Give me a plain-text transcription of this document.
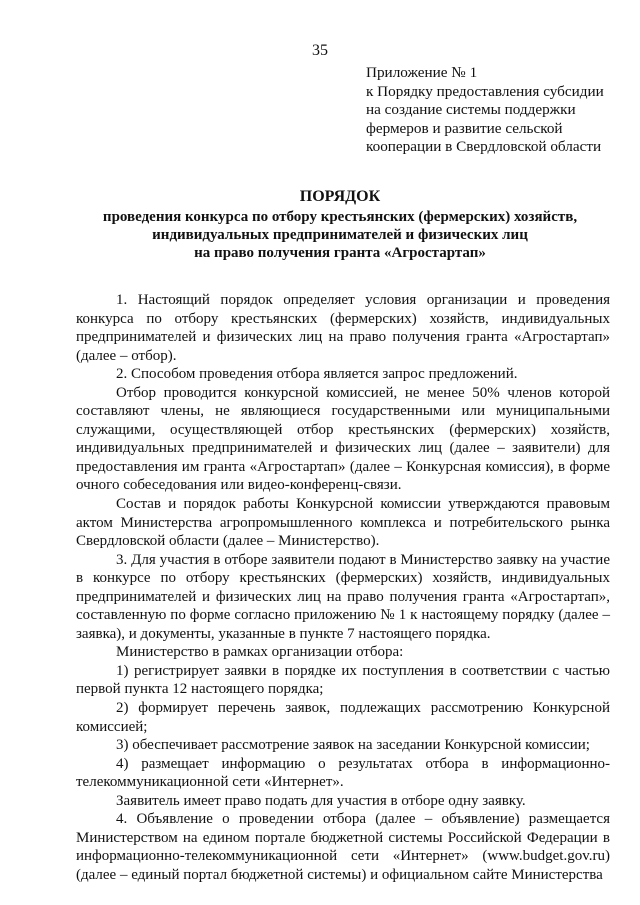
35
Приложение № 1
к Порядку предоставления субсидии
на создание системы поддержки
фермеров и развитие сельской
кооперации в Свердловской области
ПОРЯДОК
проведения конкурса по отбору крестьянских (фермерских) хозяйств,
индивидуальных предпринимателей и физических лиц
на право получения гранта «Агростартап»

1. Настоящий порядок определяет условия организации и проведения конкурса по отбору крестьянских (фермерских) хозяйств, индивидуальных предпринимателей и физических лиц на право получения гранта «Агростартап» (далее – отбор).

2. Способом проведения отбора является запрос предложений.

Отбор проводится конкурсной комиссией, не менее 50% членов которой составляют члены, не являющиеся государственными или муниципальными служащими, осуществляющей отбор крестьянских (фермерских) хозяйств, индивидуальных предпринимателей и физических лиц (далее – заявители) для предоставления им гранта «Агростартап» (далее – Конкурсная комиссия), в форме очного собеседования или видео-конференц-связи.

Состав и порядок работы Конкурсной комиссии утверждаются правовым актом Министерства агропромышленного комплекса и потребительского рынка Свердловской области (далее – Министерство).

3. Для участия в отборе заявители подают в Министерство заявку на участие в конкурсе по отбору крестьянских (фермерских) хозяйств, индивидуальных предпринимателей и физических лиц на право получения гранта «Агростартап», составленную по форме согласно приложению № 1 к настоящему порядку (далее – заявка), и документы, указанные в пункте 7 настоящего порядка.

Министерство в рамках организации отбора:

1) регистрирует заявки в порядке их поступления в соответствии с частью первой пункта 12 настоящего порядка;

2) формирует перечень заявок, подлежащих рассмотрению Конкурсной комиссией;

3) обеспечивает рассмотрение заявок на заседании Конкурсной комиссии;

4) размещает информацию о результатах отбора в информационно-телекоммуникационной сети «Интернет».

Заявитель имеет право подать для участия в отборе одну заявку.

4. Объявление о проведении отбора (далее – объявление) размещается Министерством на едином портале бюджетной системы Российской Федерации в информационно-телекоммуникационной сети «Интернет» (www.budget.gov.ru) (далее – единый портал бюджетной системы) и официальном сайте Министерства
